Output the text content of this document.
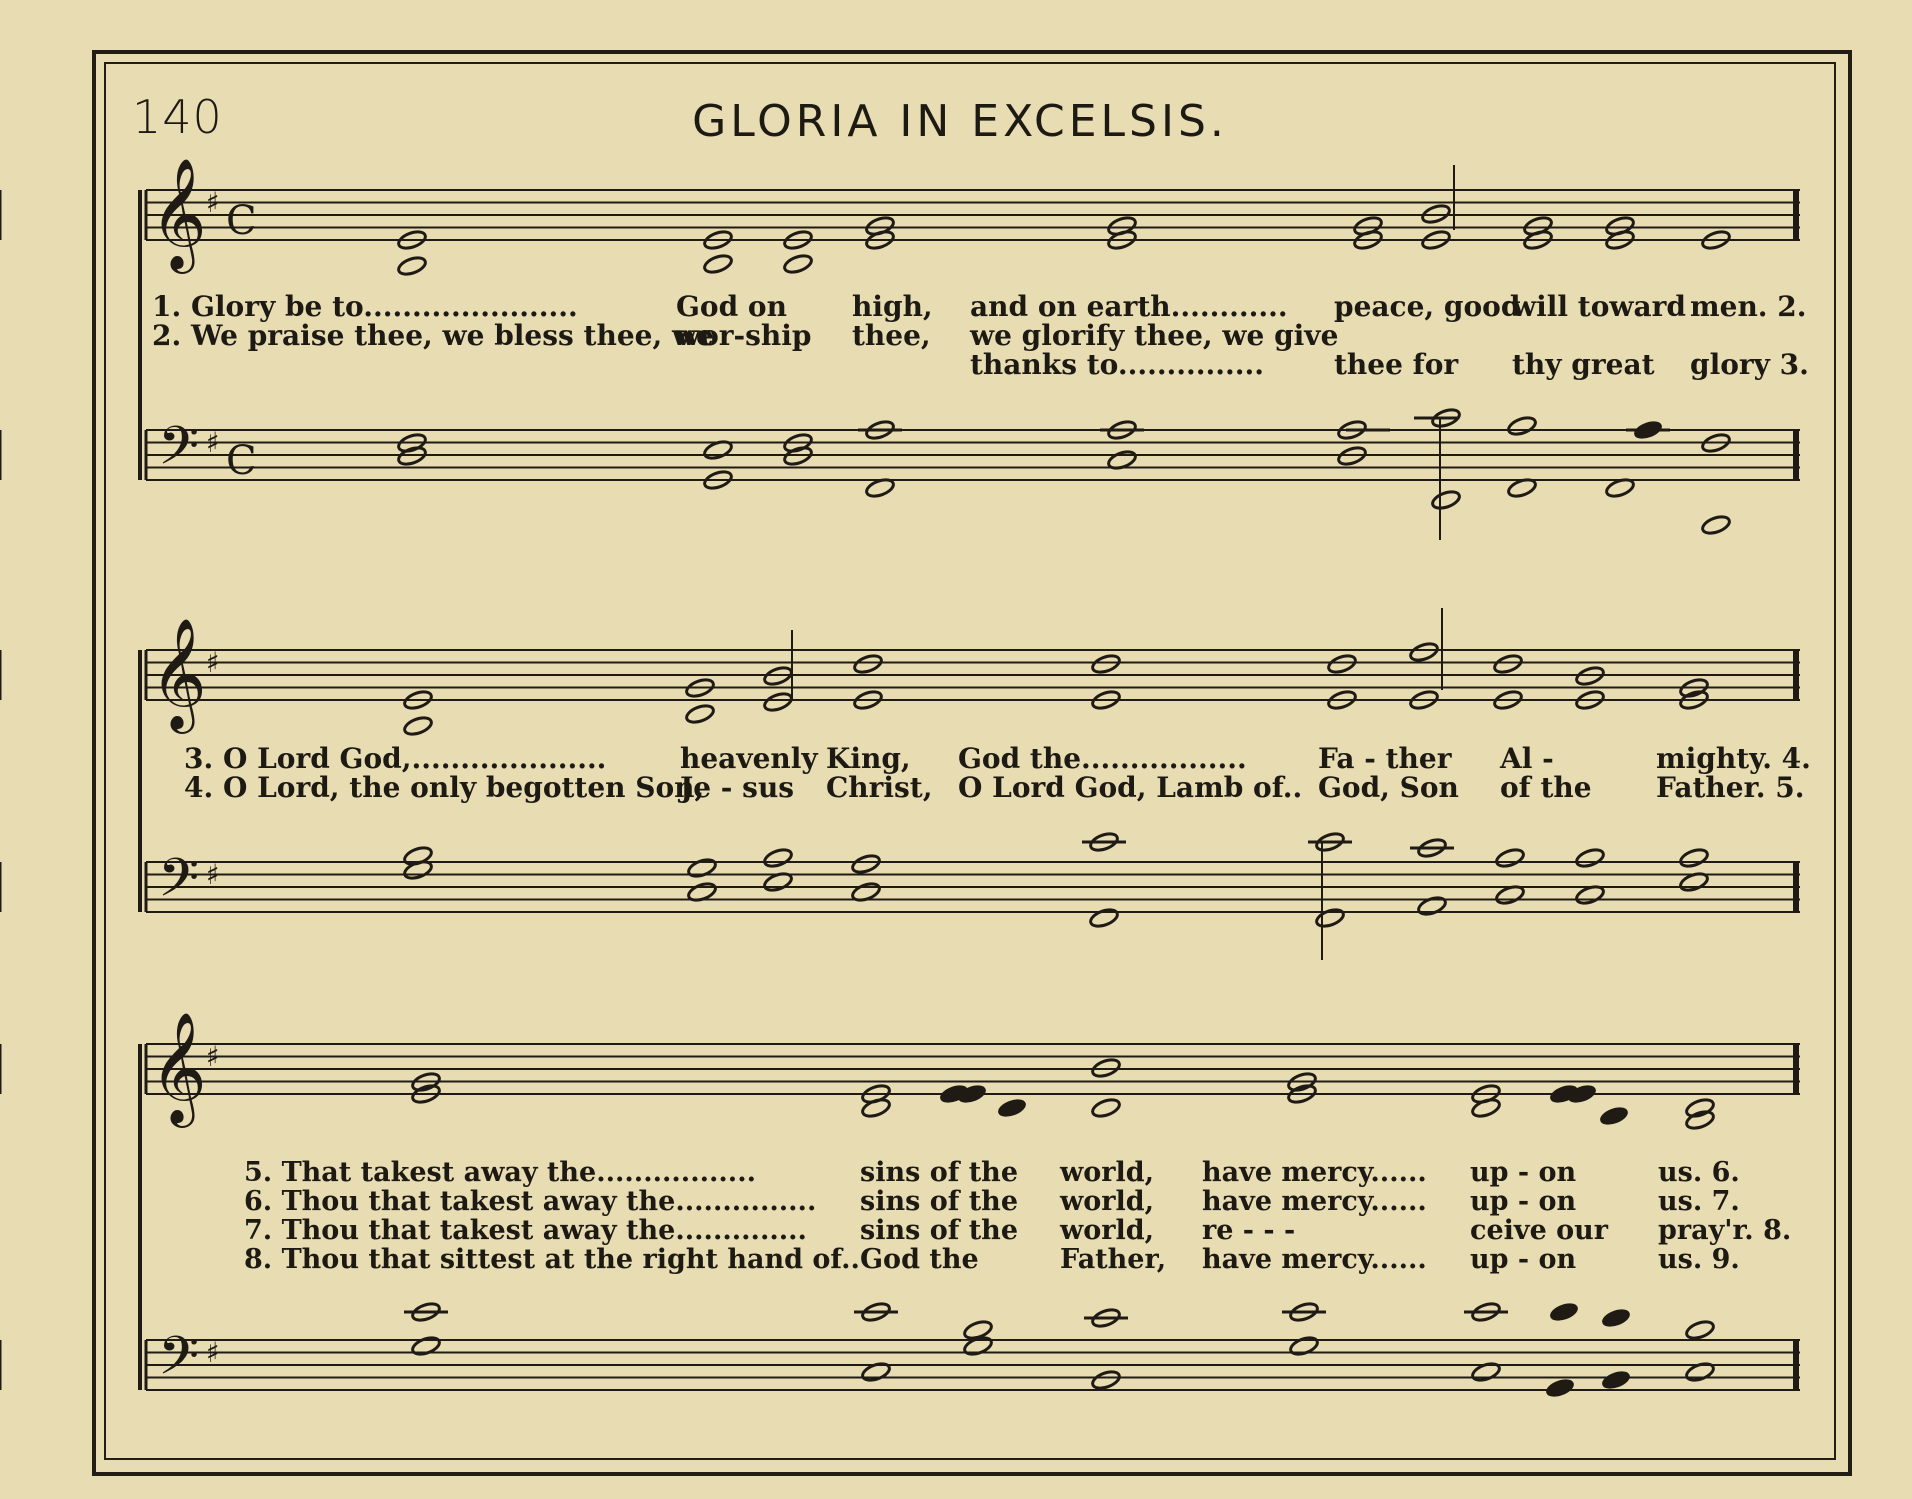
140	GLORIA IN EXCELSIS.
𝄞
𝄢
♯
♯
C
C
𝄞
𝄢
♯
♯
𝄞
𝄢
♯
♯
1. Glory be to......................
2. We praise thee, we bless thee, we
God on
wor-ship
high,
thee,
and on earth............
we glorify thee, we give
thanks to...............
peace, good
thee for
will toward
thy great
men. 2.
glory 3.
3. O Lord God,....................
4. O Lord, the only begotten Son,
heavenly
Je - sus
King,
Christ,
God the.................
O Lord God, Lamb of..
Fa - ther
God, Son
Al -
of the
mighty. 4.
Father. 5.
5. That takest away the.................
6. Thou that takest away the...............
7. Thou that takest away the..............
8. Thou that sittest at the right hand of..
sins of the
sins of the
sins of the
God the
world,
world,
world,
Father,
have mercy......
have mercy......
re - - -
have mercy......
up - on
up - on
ceive our
up - on
us. 6.
us. 7.
pray'r. 8.
us. 9.
